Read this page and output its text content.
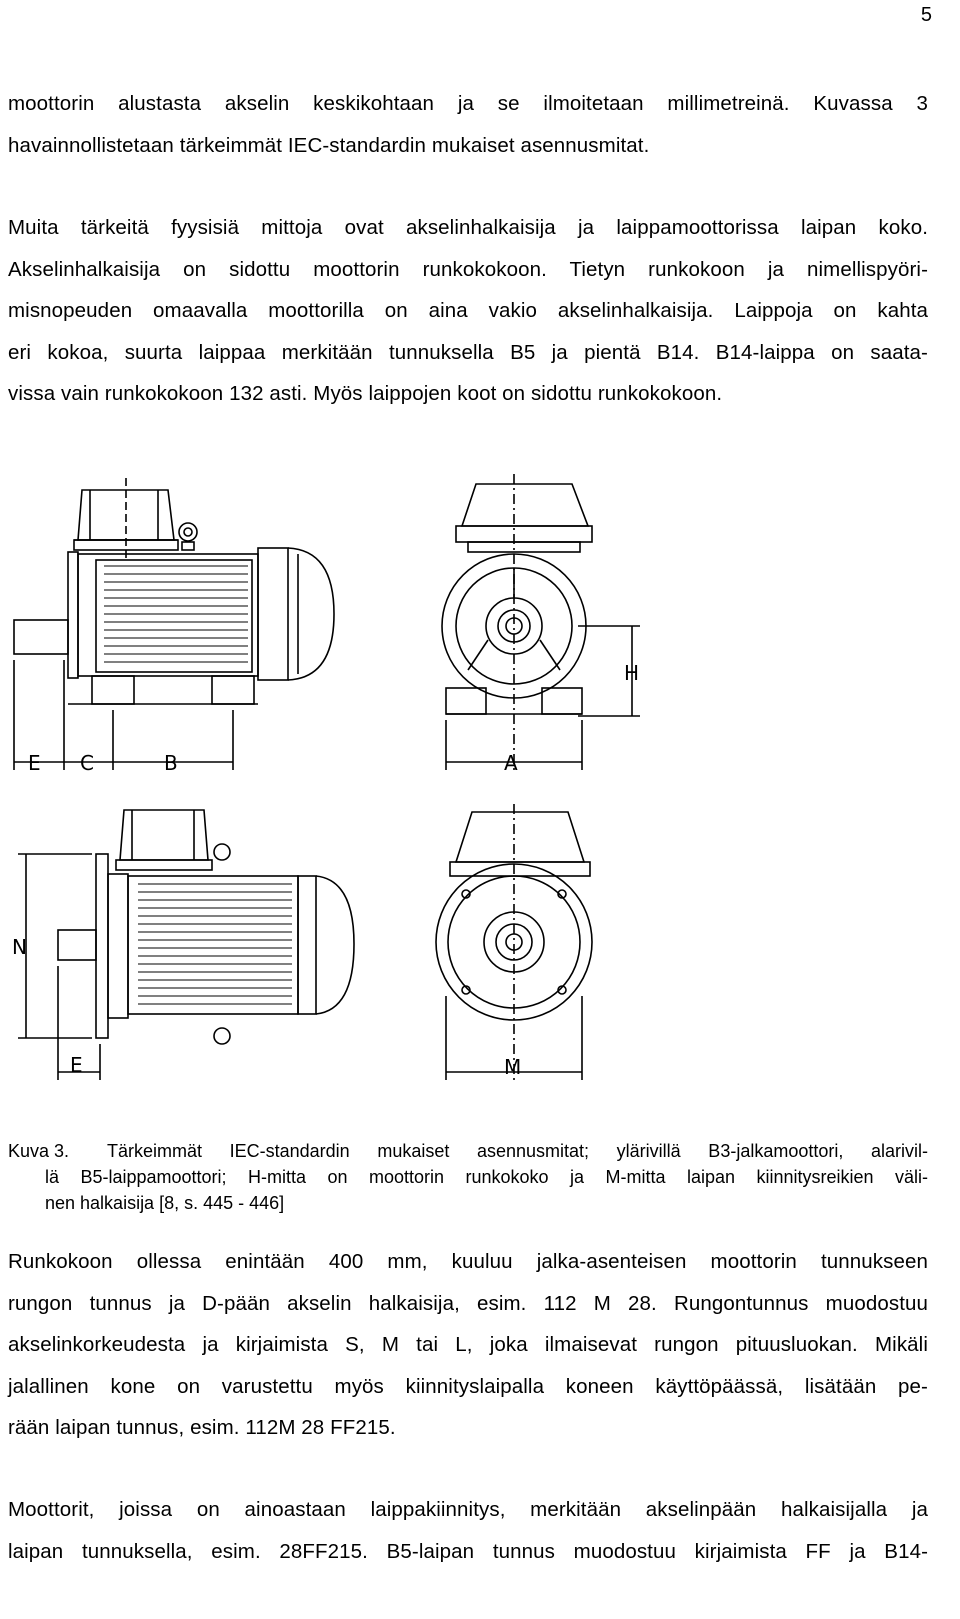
5
moottorin alustasta akselin keskikohtaan ja se ilmoitetaan millimetreinä. Kuvassa 3
havainnollistetaan tärkeimmät IEC-standardin mukaiset asennusmitat.
Muita tärkeitä fyysisiä mittoja ovat akselinhalkaisija ja laippamoottorissa laipan koko.
Akselinhalkaisija on sidottu moottorin runkokokoon. Tietyn runkokoon ja nimellispyöri-
misnopeuden omaavalla moottorilla on aina vakio akselinhalkaisija. Laippoja on kahta
eri kokoa, suurta laippaa merkitään tunnuksella B5 ja pientä B14. B14-laippa on saata-
vissa vain runkokokoon 132 asti. Myös laippojen koot on sidottu runkokokoon.
E C	B	A
H
N
E	M
Kuva 3.	Tärkeimmät IEC-standardin mukaiset asennusmitat; ylärivillä B3-jalkamoottori, alarivil-
lä B5-laippamoottori; H-mitta on moottorin runkokoko ja M-mitta laipan kiinnitysreikien väli-
nen halkaisija [8, s. 445 - 446]
Runkokoon ollessa enintään 400 mm, kuuluu jalka-asenteisen moottorin tunnukseen
rungon tunnus ja D-pään akselin halkaisija, esim. 112 M 28. Rungontunnus muodostuu
akselinkorkeudesta ja kirjaimista S, M tai L, joka ilmaisevat rungon pituusluokan. Mikäli
jalallinen kone on varustettu myös kiinnityslaipalla koneen käyttöpäässä, lisätään pe-
rään laipan tunnus, esim. 112M 28 FF215.
Moottorit, joissa on ainoastaan laippakiinnitys, merkitään akselinpään halkaisijalla ja
laipan tunnuksella, esim. 28FF215. B5-laipan tunnus muodostuu kirjaimista FF ja B14-
